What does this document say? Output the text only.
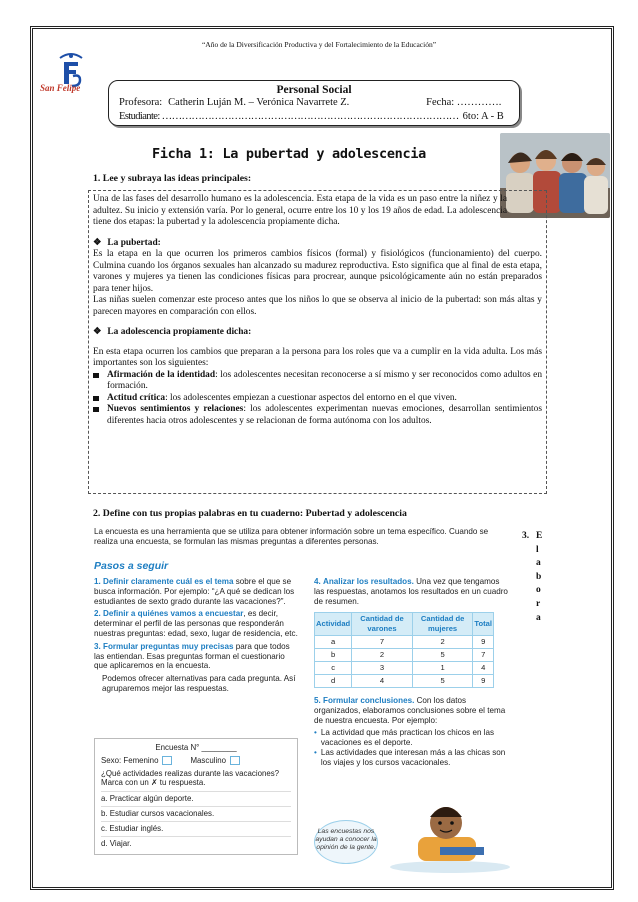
“Año de la Diversificación Productiva y del Fortalecimiento de la Educación”
San Felipe	Personal Social
Profesora: Catherin Luján M. – Verónica Navarrete Z.	Fecha: ………….
Estudiante: ……………………………………………………………………………… 6to: A - B
Ficha 1: La pubertad y adolescencia
1. Lee y subraya las ideas principales:

Una de las fases del desarrollo humano es la adolescencia. Esta etapa de la vida es un paso entre la niñez y la adultez. Su inicio y extensión varía. Por lo general, ocurre entre los 10 y los 19 años de edad. La adolescencia tiene dos etapas: la pubertad y la adolescencia propiamente dicha.

❖ La pubertad:

Es la etapa en la que ocurren los primeros cambios físicos (formal) y fisiológicos (funcionamiento) del cuerpo. Culmina cuando los órganos sexuales han alcanzado su madurez reproductiva. Esto significa que al final de esta etapa, varones y mujeres ya tienen las condiciones físicas para procrear, aunque psicológicamente aún no están preparados para tener hijos.

Las niñas suelen comenzar este proceso antes que los niños lo que se observa al inicio de la pubertad: son más altas y parecen mayores en comparación con ellos.

❖ La adolescencia propiamente dicha:

En esta etapa ocurren los cambios que preparan a la persona para los roles que va a cumplir en la vida adulta. Los más importantes son los siguientes:

Afirmación de la identidad: los adolescentes necesitan reconocerse a sí mismo y ser reconocidos como adultos en formación.
Actitud crítica: los adolescentes empiezan a cuestionar aspectos del entorno en el que viven.
Nuevos sentimientos y relaciones: los adolescentes experimentan nuevas emociones, desarrollan sentimientos diferentes hacia otros adolescentes y se relacionan de forma autónoma con los adultos.
2. Define con tus propias palabras en tu cuaderno: Pubertad y adolescencia
3. E
l
a
b
o
r
a
La encuesta es una herramienta que se utiliza para obtener información sobre un tema específico. Cuando se realiza una encuesta, se formulan las mismas preguntas a diferentes personas.
Pasos a seguir
1. Definir claramente cuál es el tema sobre el que se busca información. Por ejemplo: “¿A qué se dedican los estudiantes de sexto grado durante las vacaciones?”.
2. Definir a quiénes vamos a encuestar, es decir, determinar el perfil de las personas que responderán nuestras preguntas: edad, sexo, lugar de residencia, etc.
3. Formular preguntas muy precisas para que todos las entiendan. Esas preguntas forman el cuestionario que aplicaremos en la encuesta.
Podemos ofrecer alternativas para cada pregunta. Así agruparemos mejor las respuestas.
Encuesta N° ________
Sexo: Femenino	Masculino
¿Qué actividades realizas durante las vacaciones? Marca con un ✗ tu respuesta.
a. Practicar algún deporte.
b. Estudiar cursos vacacionales.
c. Estudiar inglés.
d. Viajar.
4. Analizar los resultados. Una vez que tengamos las respuestas, anotamos los resultados en un cuadro de resumen.
Actividad	Cantidad de varones	Cantidad de mujeres	Total
a	7	2	9
b	2	5	7
c	3	1	4
d	4	5	9
5. Formular conclusiones. Con los datos organizados, elaboramos conclusiones sobre el tema de nuestra encuesta. Por ejemplo:
• La actividad que más practican los chicos en las vacaciones es el deporte.
• Las actividades que interesan más a las chicas son los viajes y los cursos vacacionales.
Las encuestas nos ayudan a conocer la opinión de la gente.
